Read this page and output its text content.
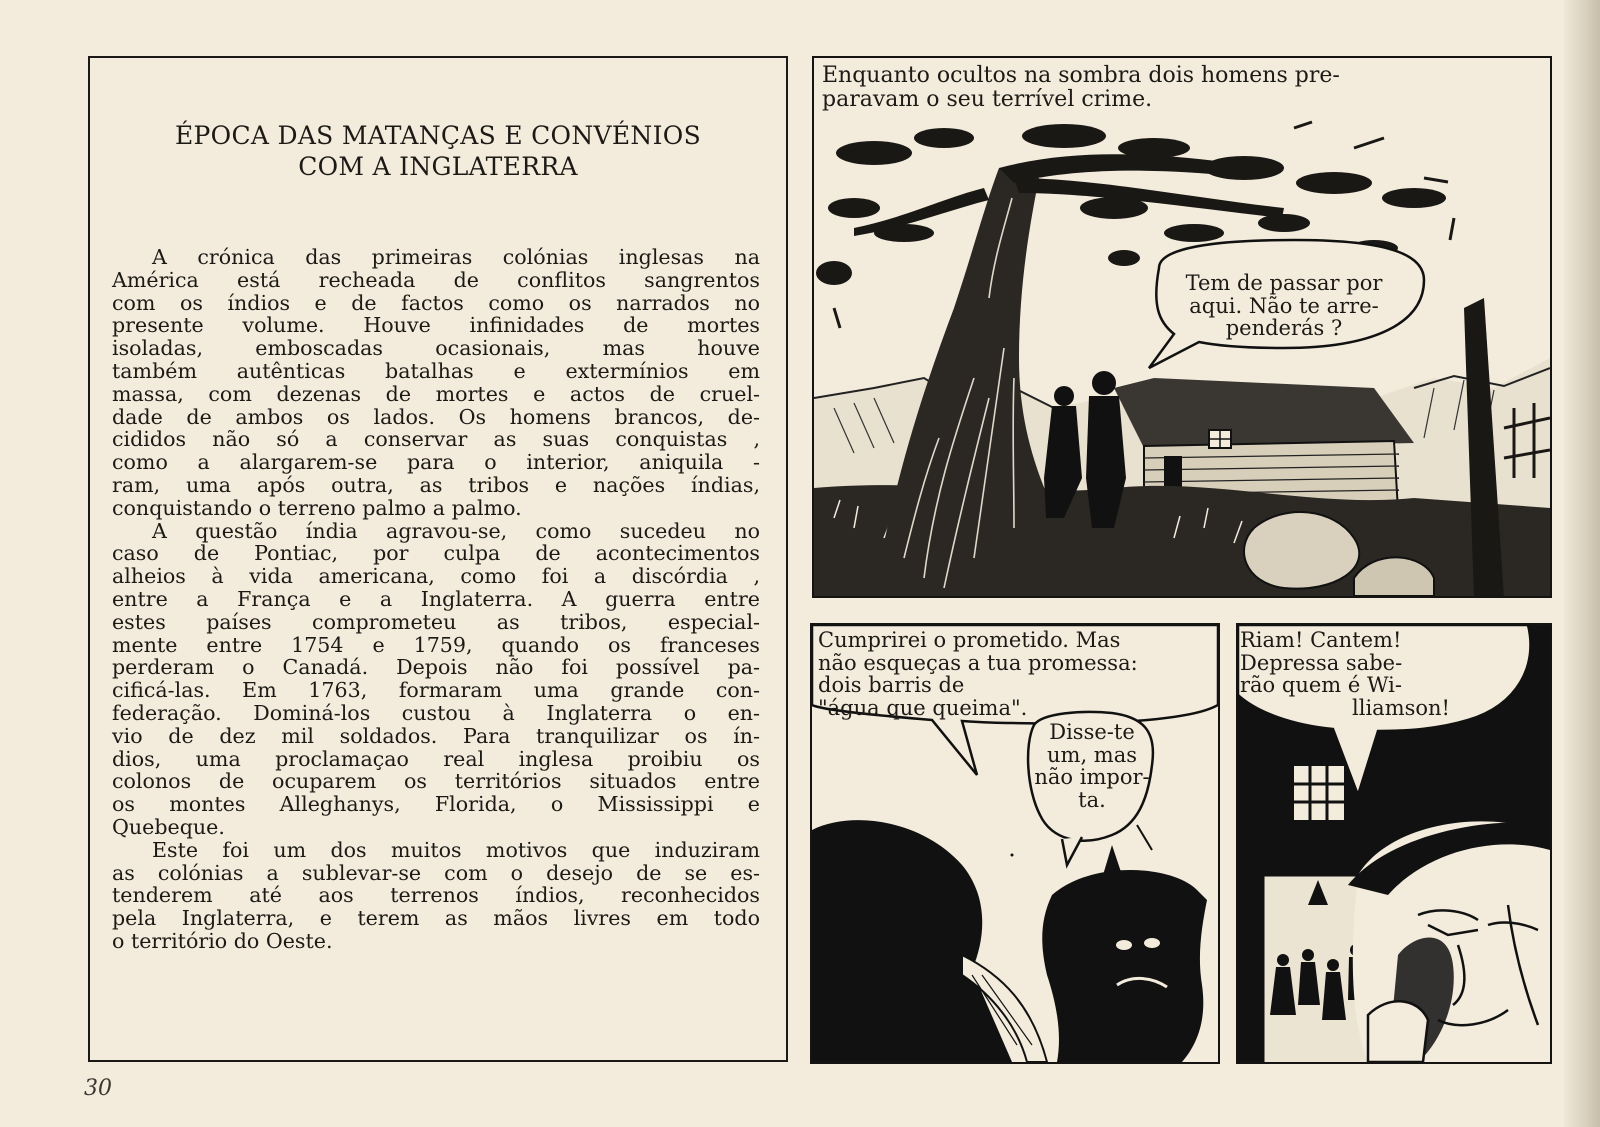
ÉPOCA DAS MATANÇAS E CONVÉNIOS
COM A INGLATERRA
A crónica das primeiras colónias inglesas na
América está recheada de conflitos sangrentos
com os índios e de factos como os narrados no
presente volume. Houve infinidades de mortes
isoladas, emboscadas ocasionais, mas houve
também autênticas batalhas e extermínios em
massa, com dezenas de mortes e actos de cruel-
dade de ambos os lados. Os homens brancos, de-
cididos não só a conservar as suas conquistas ,
como a alargarem-se para o interior, aniquila -
ram, uma após outra, as tribos e nações índias,
conquistando o terreno palmo a palmo.
A questão índia agravou-se, como sucedeu no
caso de Pontiac, por culpa de acontecimentos
alheios à vida americana, como foi a discórdia ,
entre a França e a Inglaterra. A guerra entre
estes países comprometeu as tribos, especial-
mente entre 1754 e 1759, quando os franceses
perderam o Canadá. Depois não foi possível pa-
cificá-las. Em 1763, formaram uma grande con-
federação. Dominá-los custou à Inglaterra o en-
vio de dez mil soldados. Para tranquilizar os ín-
dios, uma proclamaçao real inglesa proibiu os
colonos de ocuparem os territórios situados entre
os montes Alleghanys, Florida, o Mississippi e
Quebeque.
Este foi um dos muitos motivos que induziram
as colónias a sublevar-se com o desejo de se es-
tenderem até aos terrenos índios, reconhecidos
pela Inglaterra, e terem as mãos livres em todo
o território do Oeste.
30
Enquanto ocultos na sombra dois homens pre-
paravam o seu terrível crime.
Tem de passar por
aqui. Não te arre-
penderás ?
Cumprirei o prometido. Mas
não esqueças a tua promessa:
dois barris de
"água que queima".
Disse-te
um, mas
não impor-
ta.
Riam! Cantem!
Depressa sabe-
rão quem é Wi-
lliamson!
